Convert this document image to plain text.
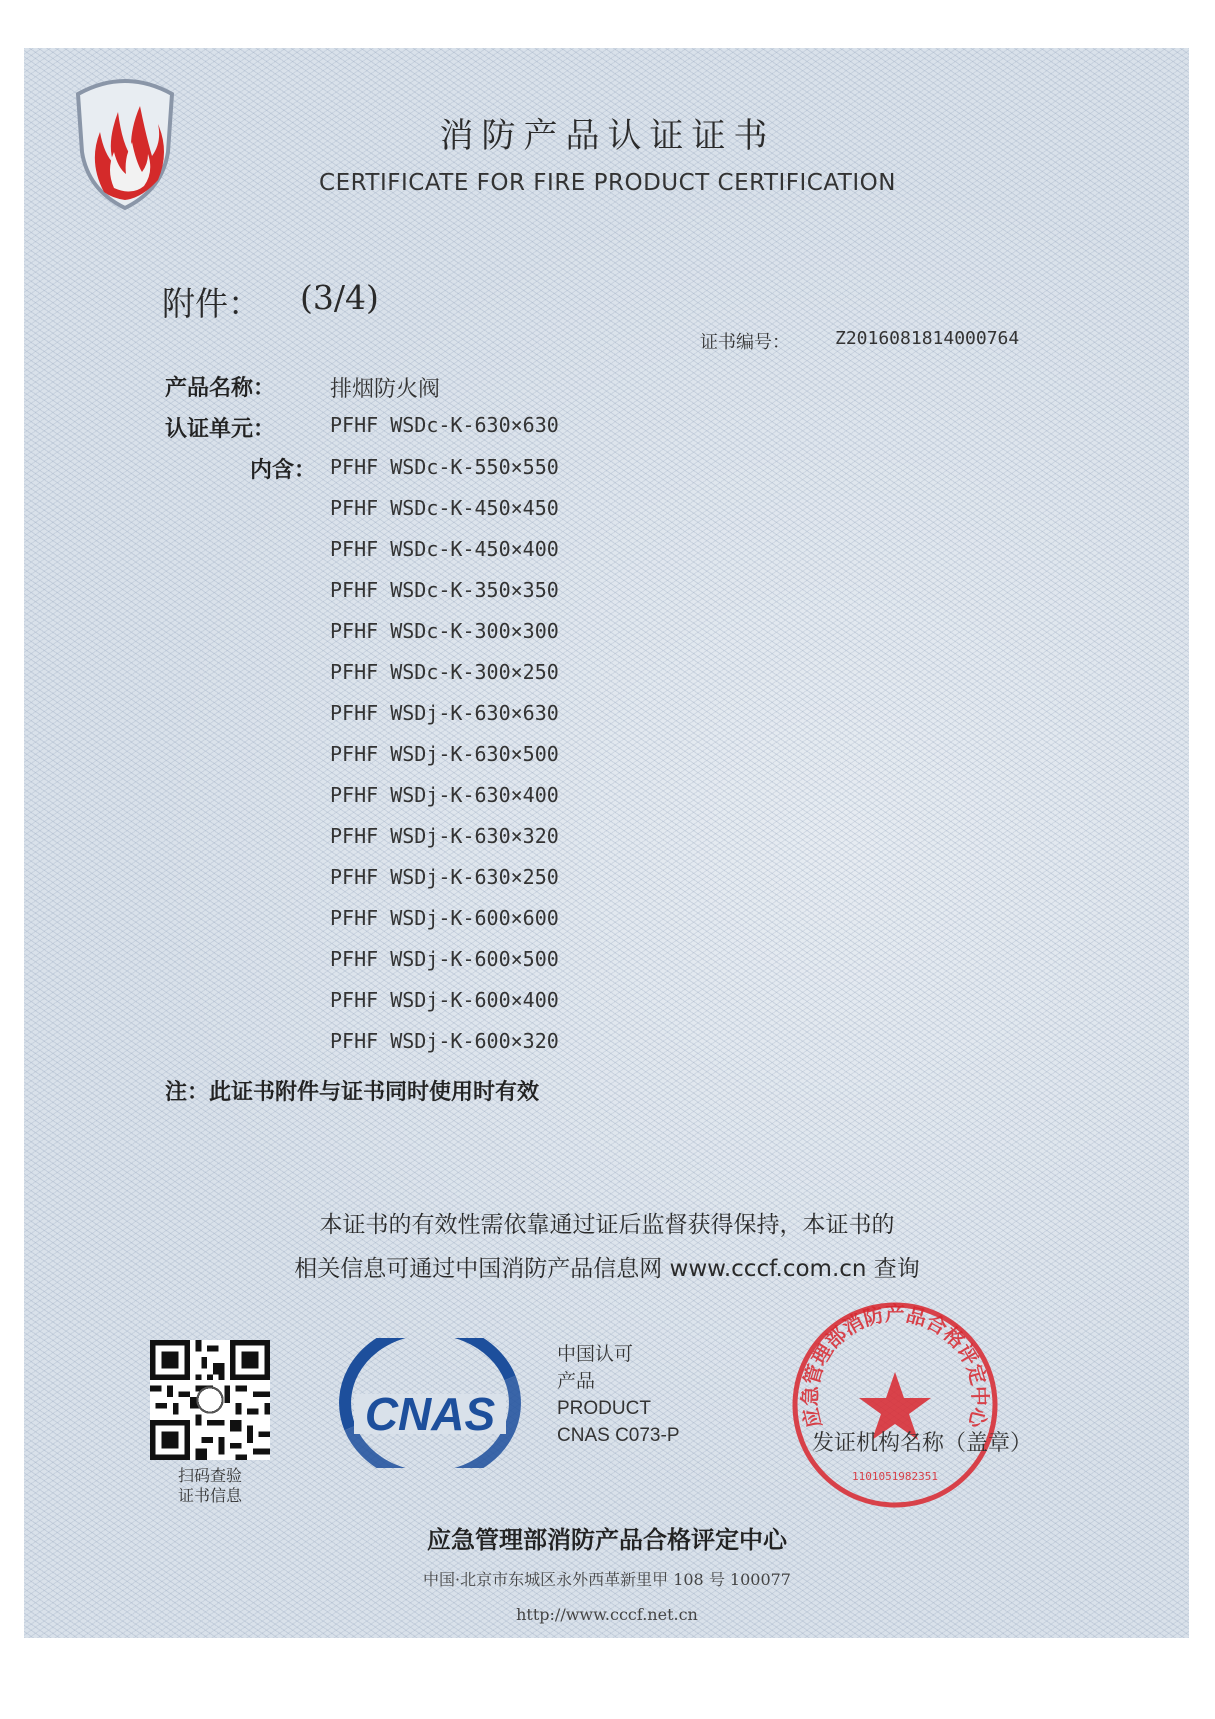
消防产品认证证书
CERTIFICATE FOR FIRE PRODUCT CERTIFICATION
附件： (3/4)
证书编号：	Z2016081814000764
产品名称： 排烟防火阀
认证单元：	PFHF WSDc-K-630×630
内含： PFHF WSDc-K-550×550
PFHF WSDc-K-450×450
PFHF WSDc-K-450×400
PFHF WSDc-K-350×350
PFHF WSDc-K-300×300
PFHF WSDc-K-300×250
PFHF WSDj-K-630×630
PFHF WSDj-K-630×500
PFHF WSDj-K-630×400
PFHF WSDj-K-630×320
PFHF WSDj-K-630×250
PFHF WSDj-K-600×600
PFHF WSDj-K-600×500
PFHF WSDj-K-600×400
PFHF WSDj-K-600×320
注：此证书附件与证书同时使用时有效
本证书的有效性需依靠通过证后监督获得保持，本证书的
相关信息可通过中国消防产品信息网 www.cccf.com.cn 查询
扫码查验
证书信息
CNAS
中国认可
产品
PRODUCT
CNAS C073-P
应急管理部消防产品合格评定中心
1101051982351
发证机构名称（盖章）
应急管理部消防产品合格评定中心
中国·北京市东城区永外西革新里甲 108 号 100077
http://www.cccf.net.cn
